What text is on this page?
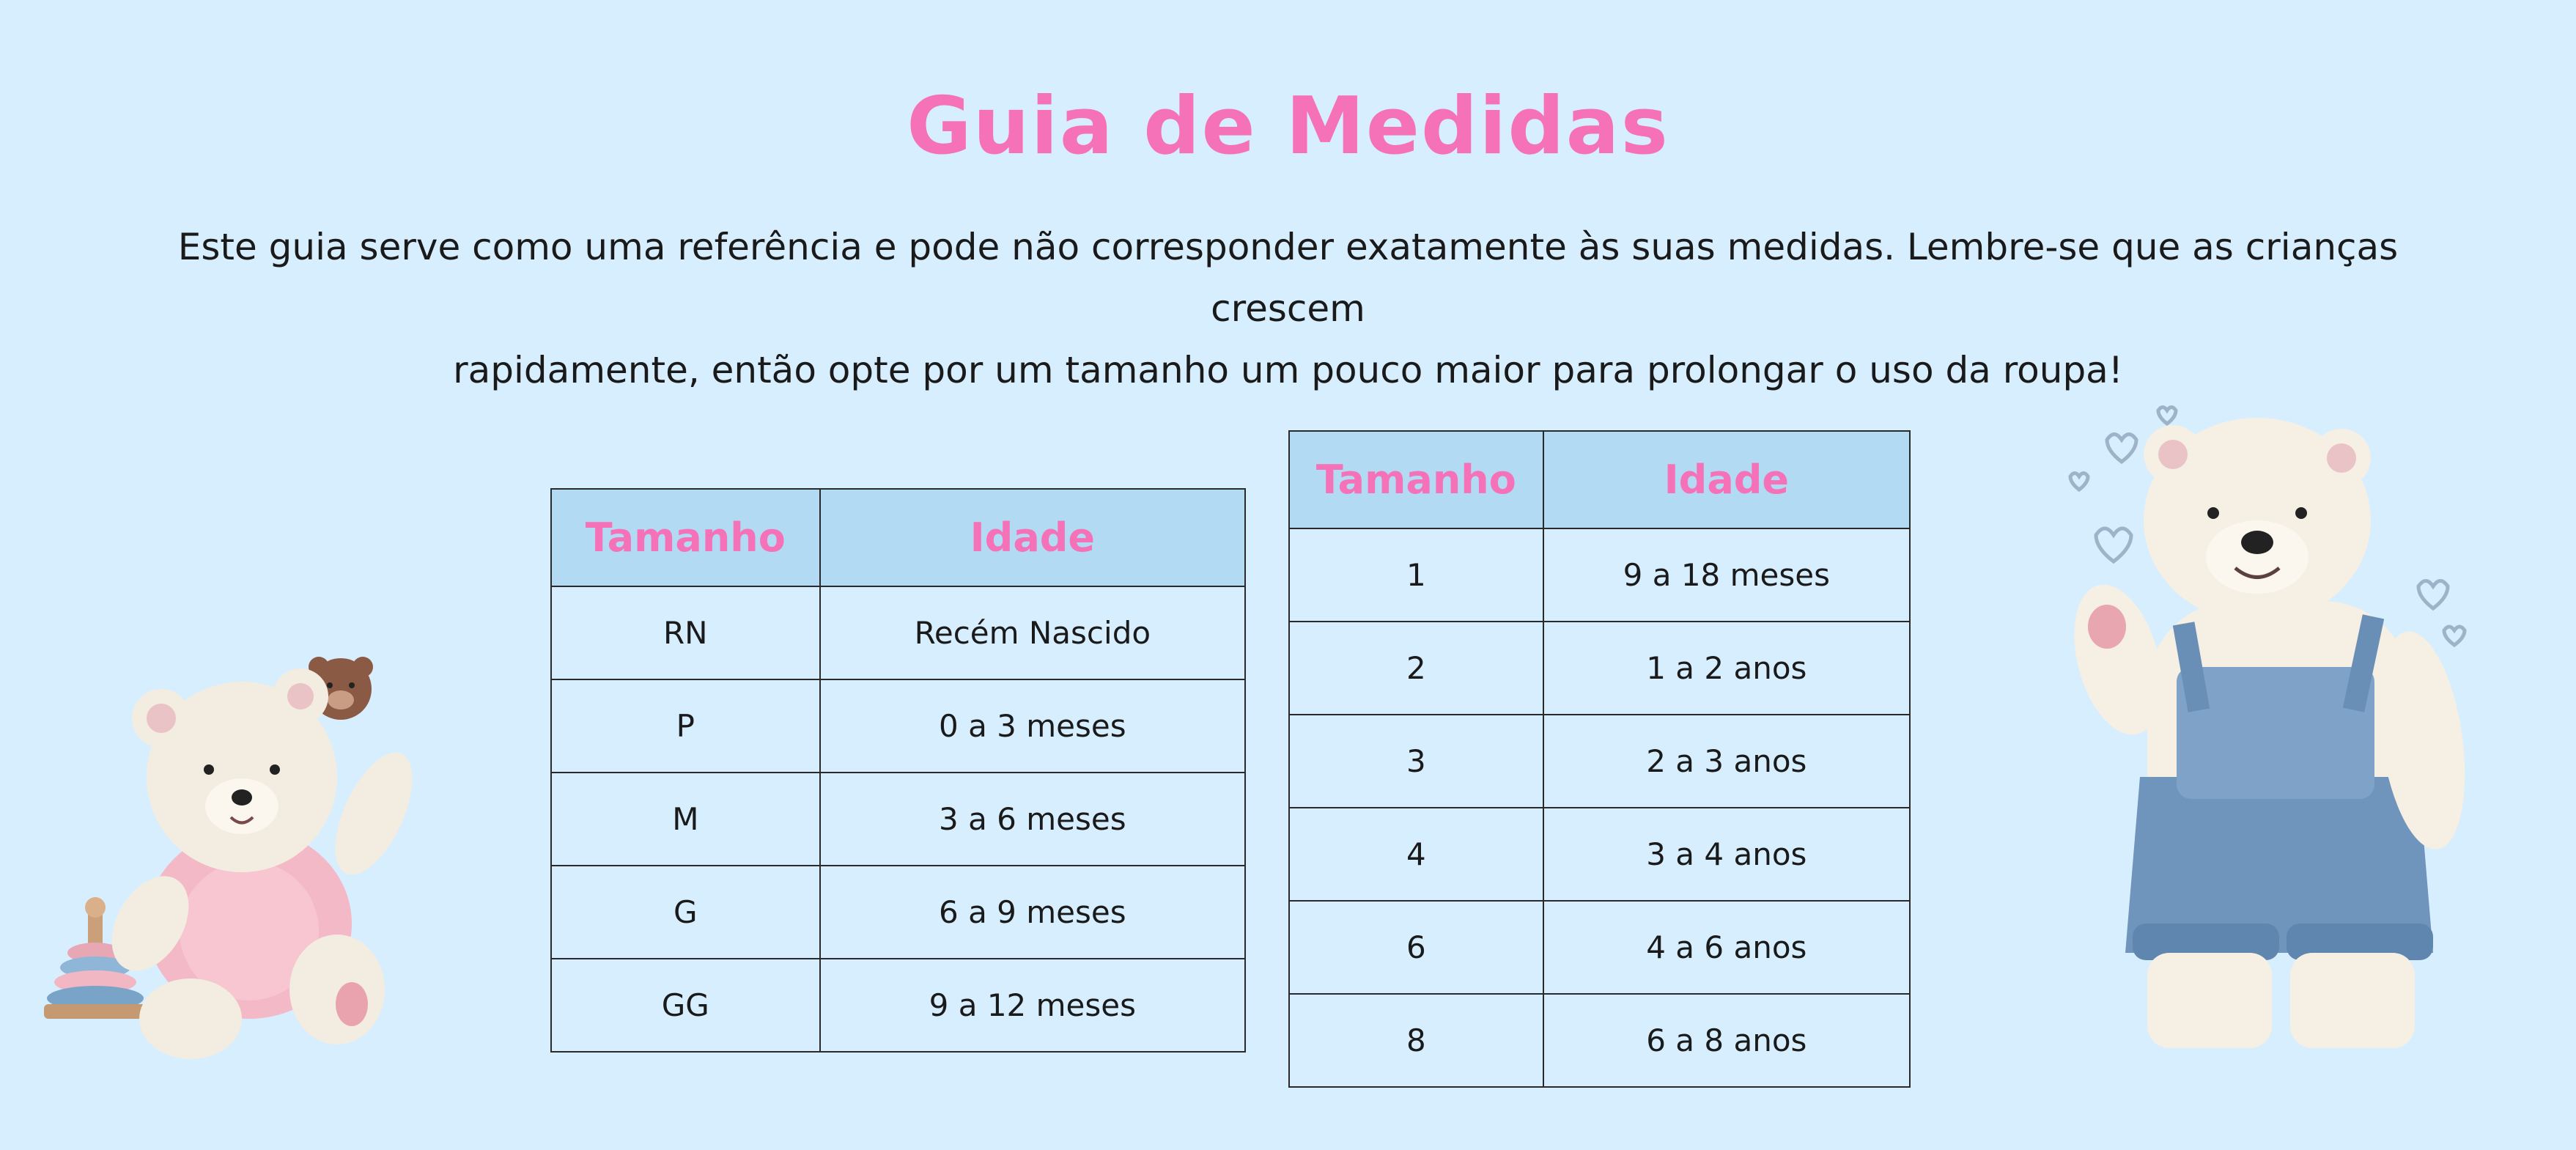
Guia de Medidas
Este guia serve como uma referência e pode não corresponder exatamente às suas medidas. Lembre-se que as crianças crescem
rapidamente, então opte por um tamanho um pouco maior para prolongar o uso da roupa!
Tamanho	Idade
RN	Recém Nascido
P	0 a 3 meses
M	3 a 6 meses
G	6 a 9 meses
GG	9 a 12 meses
Tamanho	Idade
1	9 a 18 meses
2	1 a 2 anos
3	2 a 3 anos
4	3 a 4 anos
6	4 a 6 anos
8	6 a 8 anos
